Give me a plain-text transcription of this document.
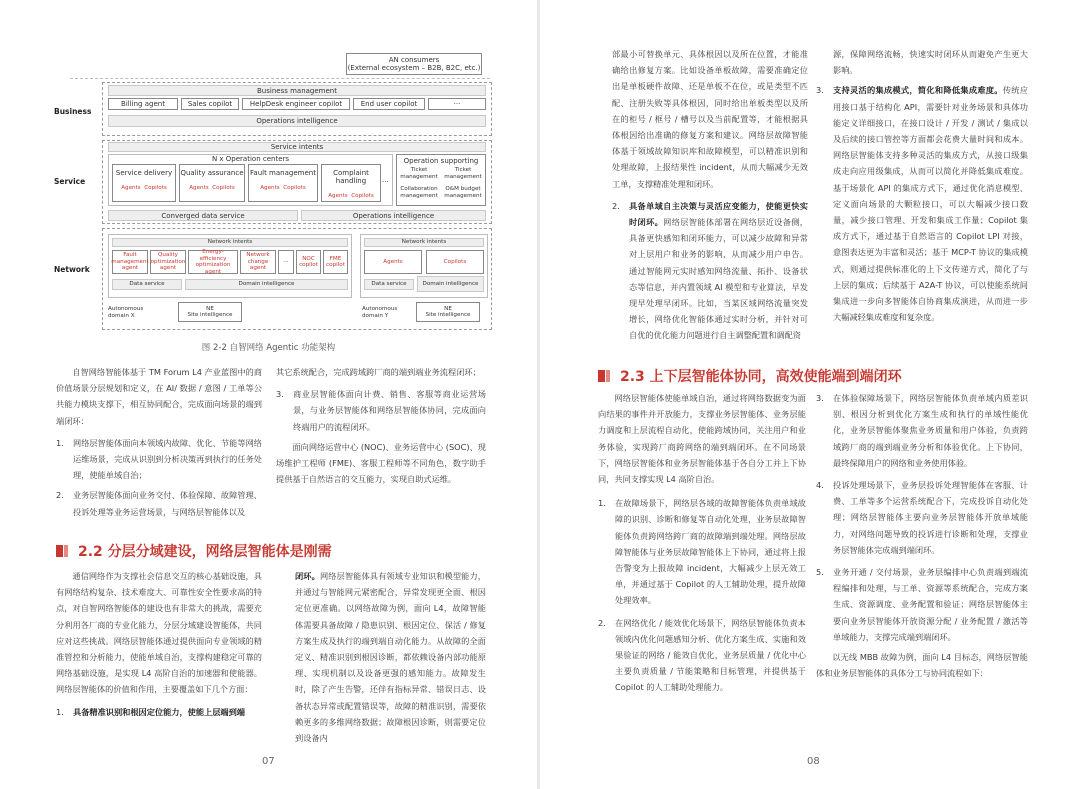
AN consumers
(External ecosystem – B2B, B2C, etc.)
Business
Business management
Billing agent	Sales copilot	HelpDesk engineer copilot	End user copilot	···
Operations intelligence
Service
Service intents
N x Operation centers
Service delivery
Agents Copilots
Quality assurance
Agents Copilots
Fault management
Agents Copilots
Complaint handling
Agents Copilots
···
Operation supporting
Ticket management
Ticket management
Collaboration management
O&M budget management
Converged data service	Operations intelligence
Network
Network intents
Fault management agent
Quality optimization agent
Energy-efficiency optimization agent
Network change agent
···
NOC copilot
FME copilot
Data service	Domain intelligence
Autonomous domain X
NE
Site intelligence
Network intents
Agents	Copilots
Data service	Domain intelligence
Autonomous domain Y
NE
Site intelligence
图 2-2 自智网络 Agentic 功能架构

自智网络智能体基于 TM Forum L4 产业蓝图中的商价值场景分层规划和定义，在 AI/ 数据 / 意图 / 工单等公共能力模块支撑下，相互协同配合，完成面向场景的端到端闭环：

1.	网络层智能体面向本领域内故障、优化、节能等网络运维场景，完成从识别到分析决策再到执行的任务处理，使能单域自治；
2.	业务层智能体面向业务交付、体验保障、故障管理、投诉处理等业务运营场景，与网络层智能体以及

其它系统配合，完成跨域跨厂商的端到端业务流程闭环；

3.	商业层智能体面向计费、销售、客服等商业运营场景，与业务层智能体和网络层智能体协同，完成面向终端用户的流程闭环。

面向网络运营中心 (NOC)、业务运营中心 (SOC)、现场维护工程师 (FME)、客服工程师等不同角色，数字助手提供基于自然语言的交互能力，实现自助式运维。

2.2 分层分域建设，网络层智能体是刚需

通信网络作为支撑社会信息交互的核心基础设施，具有网络结构复杂、技术难度大、可靠性安全性要求高的特点，对自智网络智能体的建设也有非常大的挑战，需要充分利用各厂商的专业化能力，分层分域建设智能体，共同应对这些挑战。网络层智能体通过提供面向专业领域的精准管控和分析能力，使能单域自治，支撑构建稳定可靠的网络基础设施，是实现 L4 高阶自治的加速器和使能器。网络层智能体的价值和作用，主要覆盖如下几个方面：

1.	具备精准识别和根因定位能力，使能上层端到端

闭环。网络层智能体具有领域专业知识和模型能力，并通过与智能网元紧密配合，异常发现更全面、根因定位更准确。以网络故障为例，面向 L4，故障智能体需要具备故障 / 隐患识别、根因定位、保活 / 修复方案生成及执行的端到端自动化能力。从故障的全面定义、精准识别到根因诊断，都依赖设备内部功能原理、实现机制以及设备更强的感知能力。故障发生时，除了产生告警，还伴有指标异常、错误日志、设备状态异常或配置错误等，故障的精准识别，需要依赖更多的多维网络数据；故障根因诊断，则需要定位到设备内

07

部最小可替换单元、具体根因以及所在位置，才能准确给出修复方案。比如设备单板故障，需要准确定位出是单板硬件故障、还是单板不在位，或是类型不匹配、注册失败等具体根因，同时给出单板类型以及所在的柜号 / 框号 / 槽号以及当前配置等，才能根据具体根因给出准确的修复方案和建议。网络层故障智能体基于领域故障知识库和故障模型，可以精准识别和处理故障，上报结果性 incident，从而大幅减少无效工单，支撑精准处理和闭环。

2.	具备单域自主决策与灵活应变能力，使能更快实时闭环。网络层智能体部署在网络层近设备侧，具备更快感知和闭环能力，可以减少故障和异常对上层用户和业务的影响，从而减少用户申告。通过智能网元实时感知网络流量、拓扑、设备状态等信息，并内置领域 AI 模型和专业算法，早发现早处理早闭环。比如，当某区域网络流量突发增长，网络优化智能体通过实时分析，并针对可自优的优化能力问题进行自主调整配置和调配资

源，保障网络流畅，快速实时闭环从而避免产生更大影响。

3.	支持灵活的集成模式，简化和降低集成难度。传统应用接口基于结构化 API，需要针对业务场景和具体功能定义详细接口，在接口设计 / 开发 / 测试 / 集成以及后续的接口管控等方面都会花费大量时间和成本。网络层智能体支持多种灵活的集成方式，从接口级集成走向应用级集成，从而可以简化并降低集成难度。基于场景化 API 的集成方式下，通过优化消息模型、定义面向场景的大颗粒接口，可以大幅减少接口数量，减少接口管理、开发和集成工作量；Copilot 集成方式下，通过基于自然语言的 Copilot LPI 对接，意图表达更为丰富和灵活；基于 MCP-T 协议的集成模式，则通过提供标准化的上下文传递方式，简化了与上层的集成；后续基于 A2A-T 协议，可以使能系统间集成进一步向多智能体自协商集成演进，从而进一步大幅减轻集成难度和复杂度。
2.3 上下层智能体协同，高效使能端到端闭环

网络层智能体使能单域自治，通过将网络数据变为面向结果的事件并开放能力，支撑业务层智能体、业务层能力调度和上层流程自动化，使能跨域协同，关注用户和业务体验，实现跨厂商跨网络的端到端闭环。在不同场景下，网络层智能体和业务层智能体基于各自分工并上下协同，共同支撑实现 L4 高阶自治。

1.	在故障场景下，网络层各域的故障智能体负责单域故障的识别、诊断和修复等自动化处理，业务层故障智能体负责跨网络跨厂商的故障端到端处理。网络层故障智能体与业务层故障智能体上下协同，通过将上报告警变为上报故障 incident，大幅减少上层无效工单，并通过基于 Copilot 的人工辅助处理，提升故障处理效率。
2.	在网络优化 / 能效优化场景下，网络层智能体负责本领域内优化问题感知分析、优化方案生成、实施和效果验证的网络 / 能效自优化，业务层质量 / 优化中心主要负责质量 / 节能策略和目标管理，并提供基于 Copilot 的人工辅助处理能力。
3.	在体验保障场景下，网络层智能体负责单域内质差识别、根因分析到优化方案生成和执行的单域性能优化，业务层智能体聚焦业务质量和用户体验，负责跨域跨厂商的端到端业务分析和体验优化。上下协同，最终保障用户的网络和业务使用体验。
4.	投诉处理场景下，业务层投诉处理智能体在客服、计费、工单等多个运营系统配合下，完成投诉自动化处理；网络层智能体主要向业务层智能体开放单域能力，对网络问题导致的投诉进行诊断和处理，支撑业务层智能体完成端到端闭环。
5.	业务开通 / 交付场景，业务层编排中心负责端到端流程编排和处理，与工单、资源等系统配合，完成方案生成、资源调度、业务配置和验证；网络层智能体主要向业务层智能体开放资源分配 / 业务配置 / 激活等单域能力，支撑完成端到端闭环。

以无线 MBB 故障为例，面向 L4 目标态，网络层智能体和业务层智能体的具体分工与协同流程如下：

08
